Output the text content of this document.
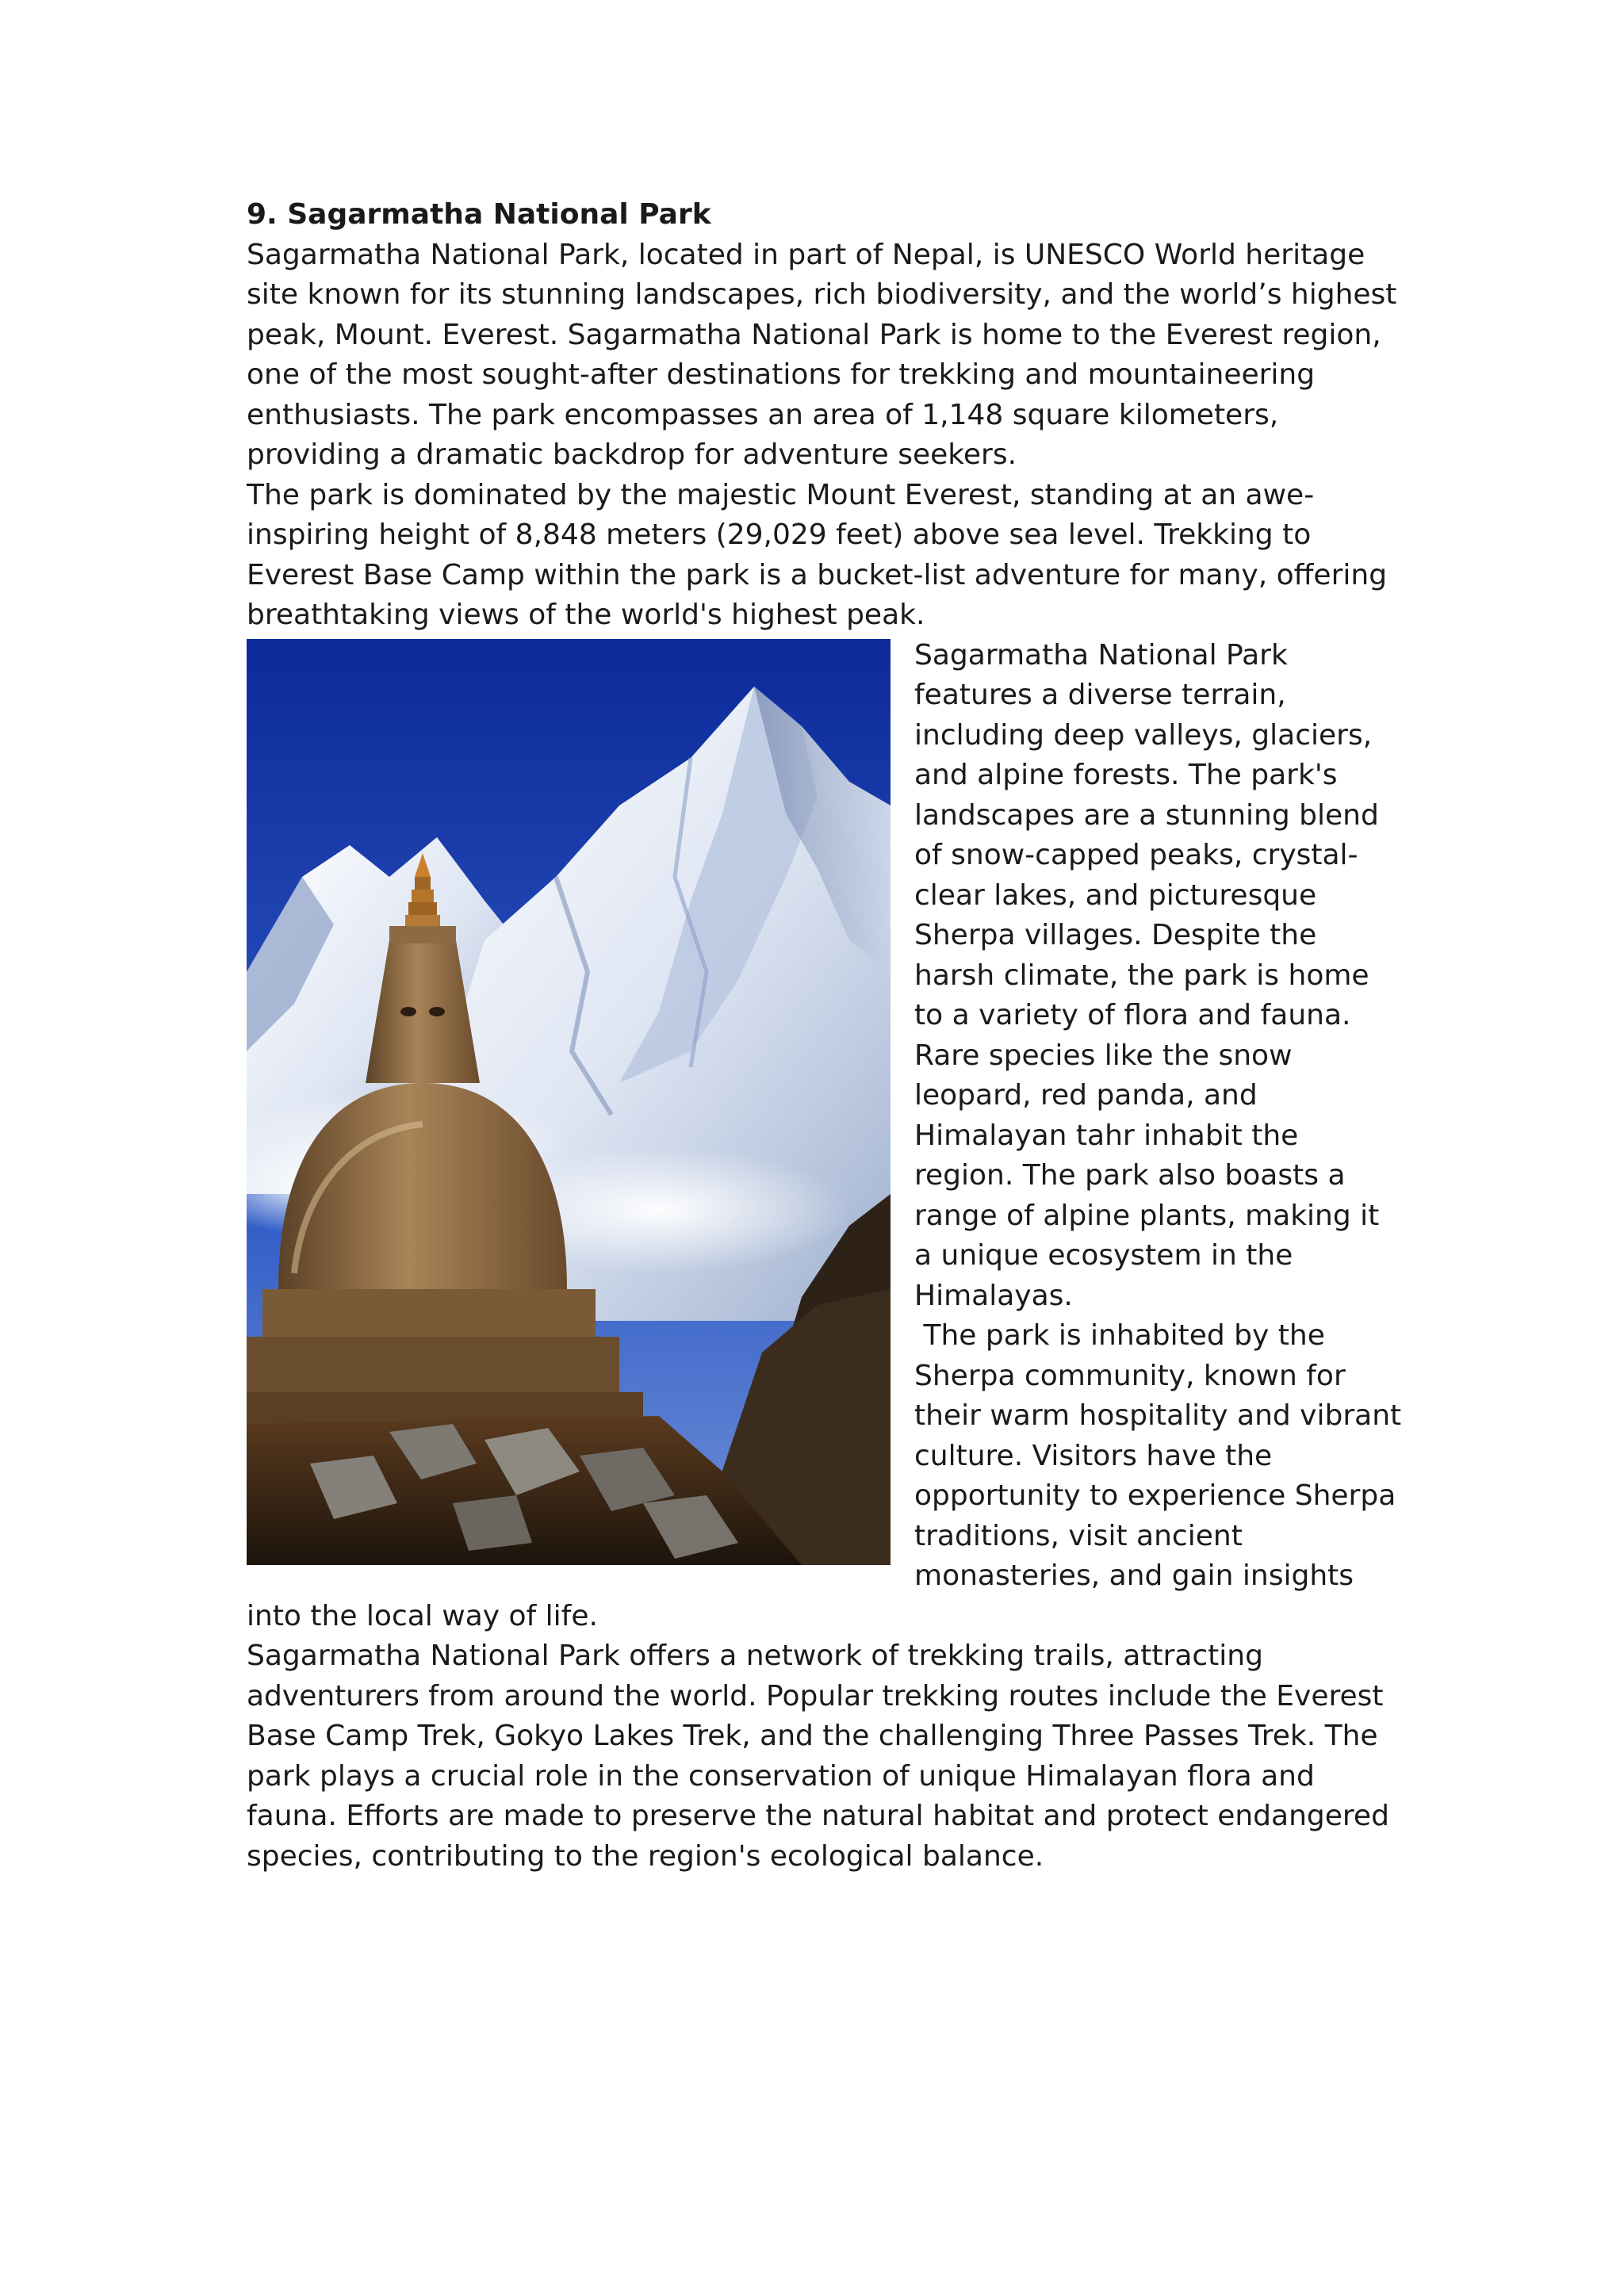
9. Sagarmatha National Park

Sagarmatha National Park, located in part of Nepal, is UNESCO World heritage site known for its stunning landscapes, rich biodiversity, and the world’s highest peak, Mount. Everest. Sagarmatha National Park is home to the Everest region, one of the most sought-after destinations for trekking and mountaineering enthusiasts. The park encompasses an area of 1,148 square kilometers, providing a dramatic backdrop for adventure seekers.

The park is dominated by the majestic Mount Everest, standing at an awe-inspiring height of 8,848 meters (29,029 feet) above sea level. Trekking to Everest Base Camp within the park is a bucket-list adventure for many, offering breathtaking views of the world's highest peak.

Sagarmatha National Park features a diverse terrain, including deep valleys, glaciers, and alpine forests. The park's landscapes are a stunning blend of snow-capped peaks, crystal-clear lakes, and picturesque Sherpa villages. Despite the harsh climate, the park is home to a variety of flora and fauna. Rare species like the snow leopard, red panda, and Himalayan tahr inhabit the region. The park also boasts a range of alpine plants, making it a unique ecosystem in the Himalayas.

The park is inhabited by the Sherpa community, known for their warm hospitality and vibrant culture. Visitors have the opportunity to experience Sherpa traditions, visit ancient monasteries, and gain insights into the local way of life.

Sagarmatha National Park offers a network of trekking trails, attracting adventurers from around the world. Popular trekking routes include the Everest Base Camp Trek, Gokyo Lakes Trek, and the challenging Three Passes Trek. The park plays a crucial role in the conservation of unique Himalayan flora and fauna. Efforts are made to preserve the natural habitat and protect endangered species, contributing to the region's ecological balance.
